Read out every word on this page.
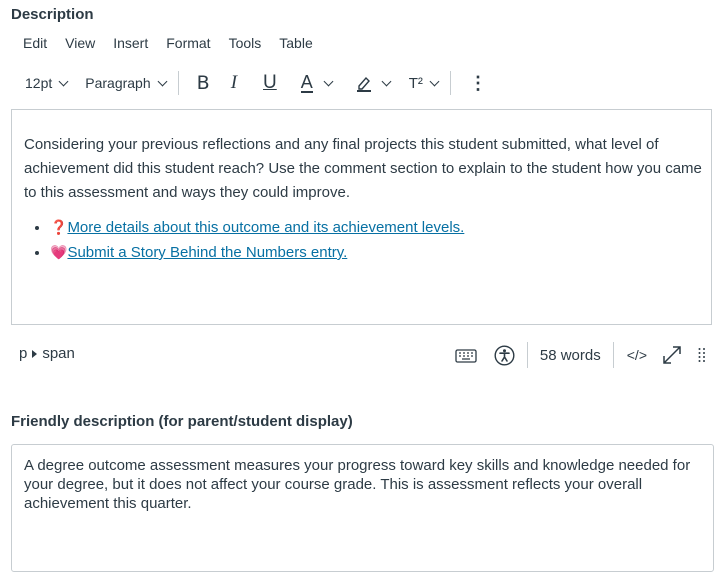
Description
Edit	View	Insert	Format	Tools	Table
12pt Paragraph B I U A	T²	⋮

Considering your previous reflections and any final projects this student submitted, what level of achievement did this student reach? Use the comment section to explain to the student how you came to this assessment and ways they could improve.

• ❓More details about this outcome and its achievement levels.
• 💗Submit a Story Behind the Numbers entry.
p span	58 words </>
Friendly description (for parent/student display)
A degree outcome assessment measures your progress toward key skills and knowledge needed for your degree, but it does not affect your course grade. This is assessment reflects your overall achievement this quarter.
